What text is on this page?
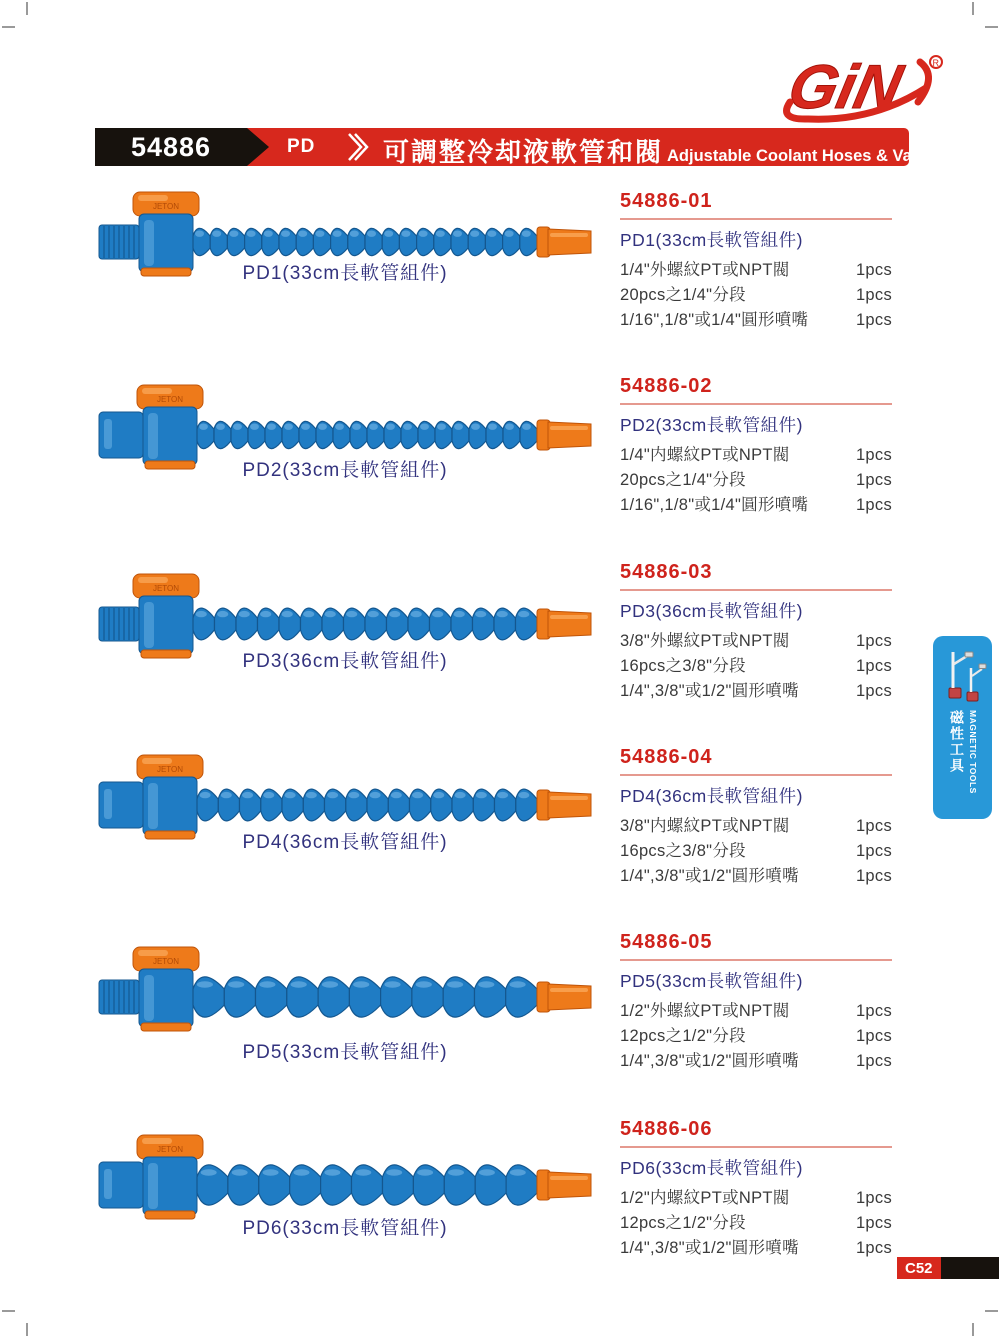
GiN	R
54886	PD	可調整冷却液軟管和閥 Adjustable Coolant Hoses & Valves
JETON
PD1(33cm長軟管組件)
54886-01
PD1(33cm長軟管組件)
1/4"外螺紋PT或NPT閥	1pcs
20pcs之1/4"分段	1pcs
1/16",1/8"或1/4"圓形噴嘴	1pcs
JETON
PD2(33cm長軟管組件)
54886-02
PD2(33cm長軟管組件)
1/4"内螺紋PT或NPT閥	1pcs
20pcs之1/4"分段	1pcs
1/16",1/8"或1/4"圓形噴嘴	1pcs
JETON
PD3(36cm長軟管組件)
54886-03
PD3(36cm長軟管組件)
3/8"外螺紋PT或NPT閥	1pcs
16pcs之3/8"分段	1pcs
1/4",3/8"或1/2"圓形噴嘴	1pcs
JETON
PD4(36cm長軟管組件)
54886-04
PD4(36cm長軟管組件)
3/8"内螺紋PT或NPT閥	1pcs
16pcs之3/8"分段	1pcs
1/4",3/8"或1/2"圓形噴嘴	1pcs
JETON
PD5(33cm長軟管組件)
54886-05
PD5(33cm長軟管組件)
1/2"外螺紋PT或NPT閥	1pcs
12pcs之1/2"分段	1pcs
1/4",3/8"或1/2"圓形噴嘴	1pcs
JETON
PD6(33cm長軟管組件)
54886-06
PD6(33cm長軟管組件)
1/2"内螺紋PT或NPT閥	1pcs
12pcs之1/2"分段	1pcs
1/4",3/8"或1/2"圓形噴嘴	1pcs
磁性工具 MAGNETIC TOOLS
C52
